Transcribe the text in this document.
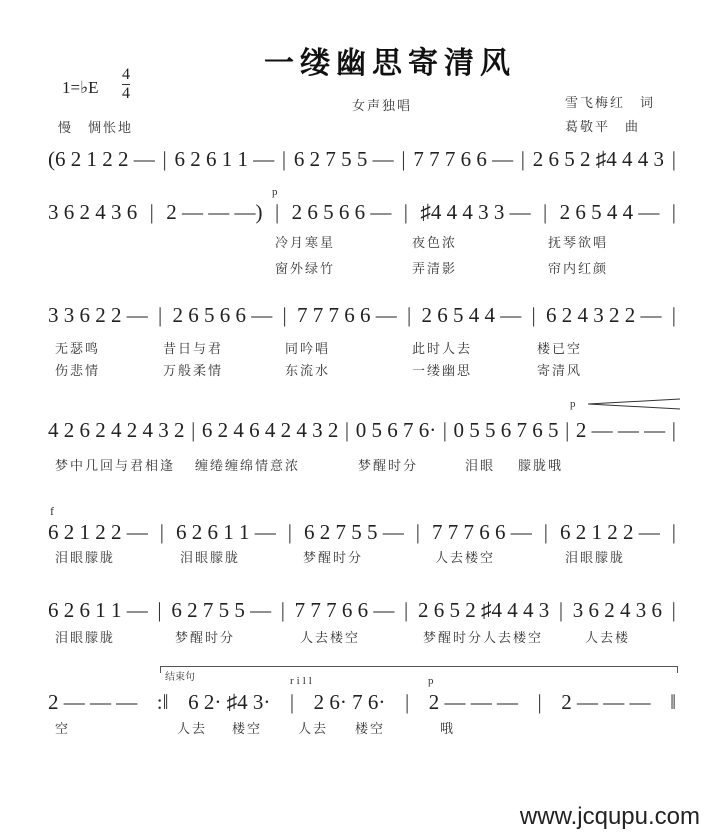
一缕幽思寄清风
1=♭E
4
4
女声独唱	雪飞梅红　词
葛敬平　曲
慢　惆怅地
(6 2 1 2 2 — | 6 2 6 1 1 — | 6 2 7 5 5 — | 7 7 7 6 6 — | 2 6 5 2 ♯4 4 4 3 |
3 6 2 4 3 6 | 2 — — —) | 2 6 5 6 6 — | ♯4 4 4 3 3 — | 2 6 5 4 4 — |
冷月寒星	夜色浓	抚琴欲唱
窗外绿竹	弄清影	帘内红颜
3 3 6 2 2 — | 2 6 5 6 6 — | 7 7 7 6 6 — | 2 6 5 4 4 — | 6 2 4 3 2 2 — |
无瑟鸣	昔日与君	同吟唱	此时人去	楼已空
伤悲情	万般柔情	东流水	一缕幽思	寄清风
4 2 6 2 4 2 4 3 2 | 6 2 4 6 4 2 4 3 2 | 0 5 6 7 6· | 0 5 5 6 7 6 5 | 2 — — — |
梦中几回与君相逢 缠绻缠绵情意浓	梦醒时分	泪眼 朦胧哦
6 2 1 2 2 — | 6 2 6 1 1 — | 6 2 7 5 5 — | 7 7 7 6 6 — | 6 2 1 2 2 — |
泪眼朦胧	泪眼朦胧	梦醒时分	人去楼空	泪眼朦胧
6 2 6 1 1 — | 6 2 7 5 5 — | 7 7 7 6 6 — | 2 6 5 2 ♯4 4 4 3 | 3 6 2 4 3 6 |
泪眼朦胧	梦醒时分	人去楼空	梦醒时分人去楼空	人去楼
2 — — — :‖ 6 2· ♯4 3· | 2 6· 7 6· | 2 — — — | 2 — — — ‖
空	人去 楼空	人去 楼空	哦
p
p
f
结束句	rill	p
www.jcqupu.com
